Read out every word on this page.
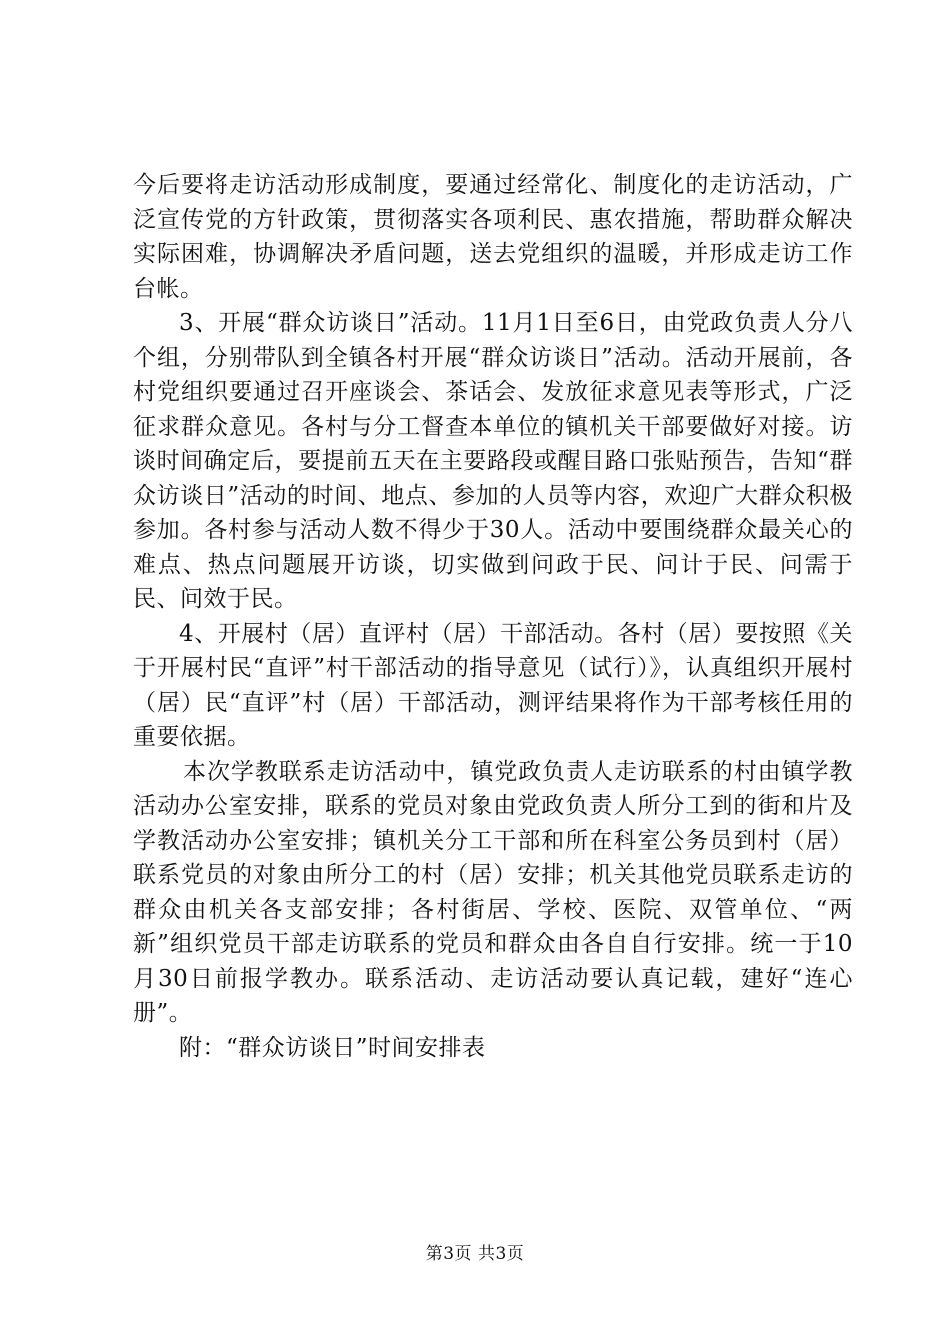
今后要将走访活动形成制度，要通过经常化、制度化的走访活动，广泛宣传党的方针政策，贯彻落实各项利民、惠农措施，帮助群众解决实际困难，协调解决矛盾问题，送去党组织的温暖，并形成走访工作台帐。

3、开展“群众访谈日”活动。11月1日至6日，由党政负责人分八个组，分别带队到全镇各村开展“群众访谈日”活动。活动开展前，各村党组织要通过召开座谈会、茶话会、发放征求意见表等形式，广泛征求群众意见。各村与分工督查本单位的镇机关干部要做好对接。访谈时间确定后，要提前五天在主要路段或醒目路口张贴预告，告知“群众访谈日”活动的时间、地点、参加的人员等内容，欢迎广大群众积极参加。各村参与活动人数不得少于30人。活动中要围绕群众最关心的难点、热点问题展开访谈，切实做到问政于民、问计于民、问需于民、问效于民。

4、开展村（居）直评村（居）干部活动。各村（居）要按照《关于开展村民“直评”村干部活动的指导意见（试行）》，认真组织开展村（居）民“直评”村（居）干部活动，测评结果将作为干部考核任用的重要依据。

本次学教联系走访活动中，镇党政负责人走访联系的村由镇学教活动办公室安排，联系的党员对象由党政负责人所分工到的街和片及学教活动办公室安排；镇机关分工干部和所在科室公务员到村（居）联系党员的对象由所分工的村（居）安排；机关其他党员联系走访的群众由机关各支部安排；各村街居、学校、医院、双管单位、“两新”组织党员干部走访联系的党员和群众由各自自行安排。统一于10月30日前报学教办。联系活动、走访活动要认真记载，建好“连心册”。

附：“群众访谈日”时间安排表

第3页 共3页
